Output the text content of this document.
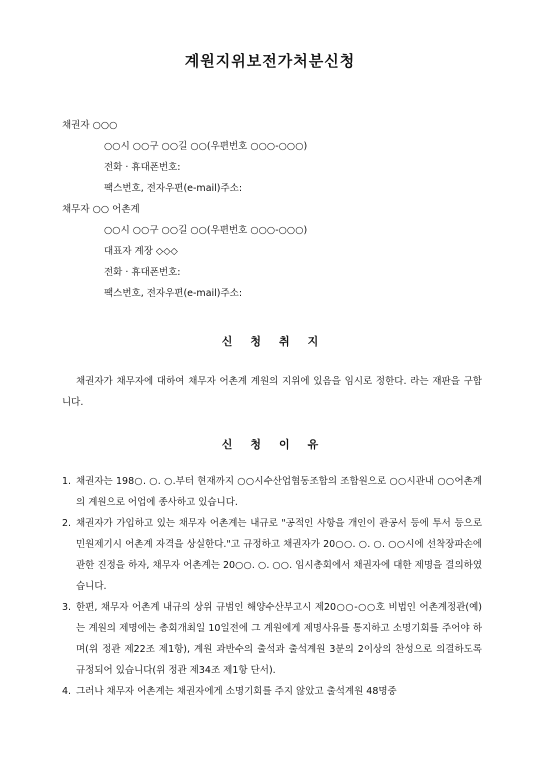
계원지위보전가처분신청
채권자 ○○○
○○시 ○○구 ○○길 ○○(우편번호 ○○○-○○○)
전화 · 휴대폰번호:
팩스번호, 전자우편(e-mail)주소:
채무자 ○○ 어촌계
○○시 ○○구 ○○길 ○○(우편번호 ○○○-○○○)
대표자 계장 ◇◇◇
전화 · 휴대폰번호:
팩스번호, 전자우편(e-mail)주소:
신 청 취 지

채권자가 채무자에 대하여 채무자 어촌계 계원의 지위에 있음을 임시로 정한다. 라는 재판을 구합니다.

신 청 이 유
1. 채권자는 198○. ○. ○.부터 현재까지 ○○시수산업협동조합의 조합원으로 ○○시관내 ○○어촌계의 계원으로 어업에 종사하고 있습니다.
2. 채권자가 가입하고 있는 채무자 어촌계는 내규로 "공적인 사항을 개인이 관공서 등에 투서 등으로 민원제기시 어촌계 자격을 상실한다."고 규정하고 채권자가 20○○. ○. ○. ○○시에 선착장파손에 관한 진정을 하자, 채무자 어촌계는 20○○. ○. ○○. 임시총회에서 채권자에 대한 제명을 결의하였습니다.
3. 한편, 채무자 어촌계 내규의 상위 규범인 해양수산부고시 제20○○-○○호 비법인 어촌계정관(예)는 계원의 제명에는 총회개최일 10일전에 그 계원에게 제명사유를 통지하고 소명기회를 주어야 하며(위 정관 제22조 제1항), 계원 과반수의 출석과 출석계원 3분의 2이상의 찬성으로 의결하도록 규정되어 있습니다(위 정관 제34조 제1항 단서).
4. 그러나 채무자 어촌계는 채권자에게 소명기회를 주지 않았고 출석계원 48명중
